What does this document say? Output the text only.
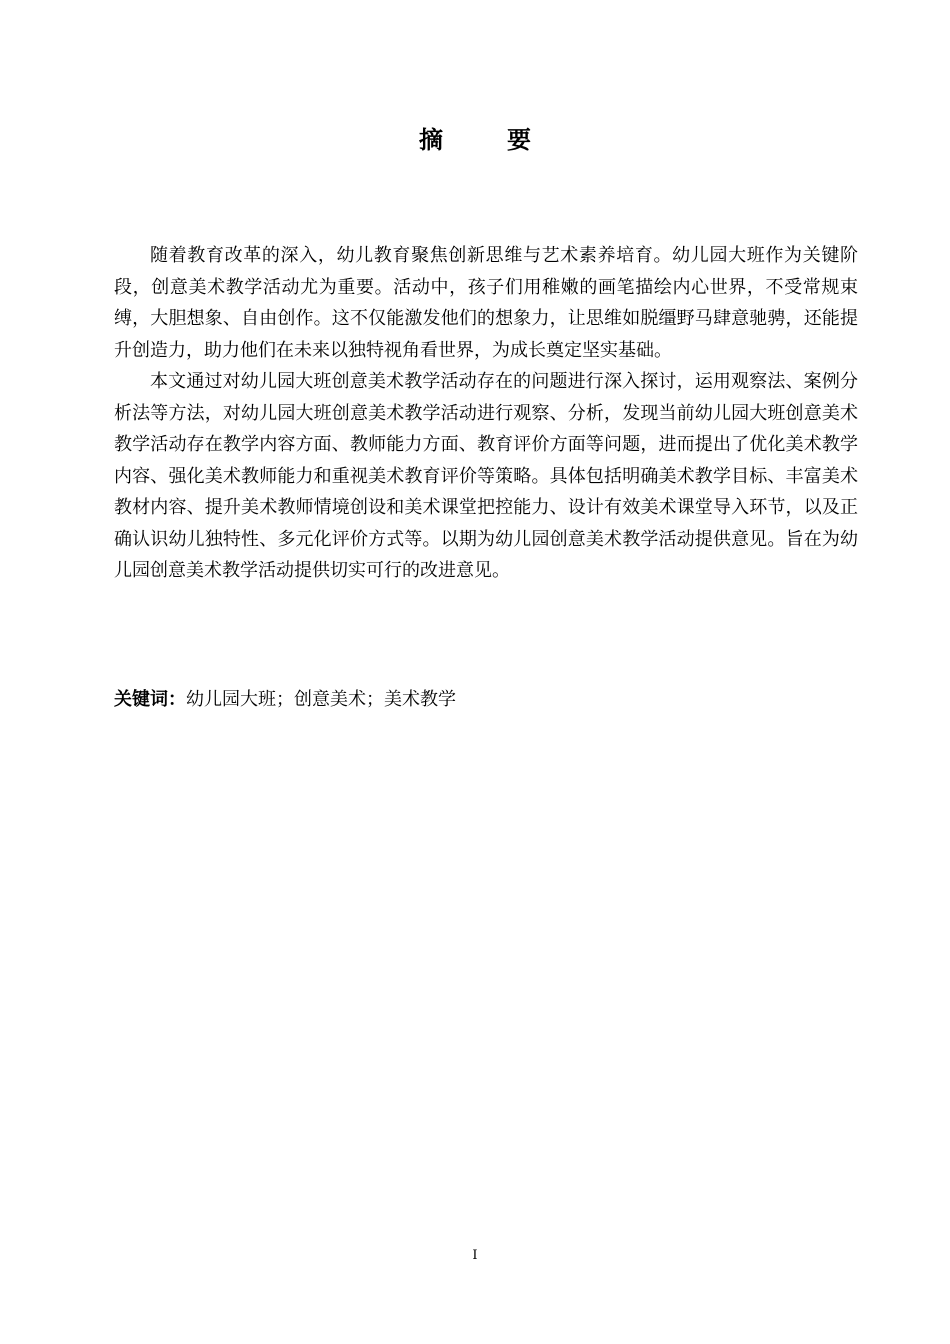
摘　要

随着教育改革的深入，幼儿教育聚焦创新思维与艺术素养培育。幼儿园大班作为关键阶段，创意美术教学活动尤为重要。活动中，孩子们用稚嫩的画笔描绘内心世界，不受常规束缚，大胆想象、自由创作。这不仅能激发他们的想象力，让思维如脱缰野马肆意驰骋，还能提升创造力，助力他们在未来以独特视角看世界，为成长奠定坚实基础。

本文通过对幼儿园大班创意美术教学活动存在的问题进行深入探讨，运用观察法、案例分析法等方法，对幼儿园大班创意美术教学活动进行观察、分析，发现当前幼儿园大班创意美术教学活动存在教学内容方面、教师能力方面、教育评价方面等问题，进而提出了优化美术教学内容、强化美术教师能力和重视美术教育评价等策略。具体包括明确美术教学目标、丰富美术教材内容、提升美术教师情境创设和美术课堂把控能力、设计有效美术课堂导入环节，以及正确认识幼儿独特性、多元化评价方式等。以期为幼儿园创意美术教学活动提供意见。旨在为幼儿园创意美术教学活动提供切实可行的改进意见。

关键词：幼儿园大班；创意美术；美术教学
I
